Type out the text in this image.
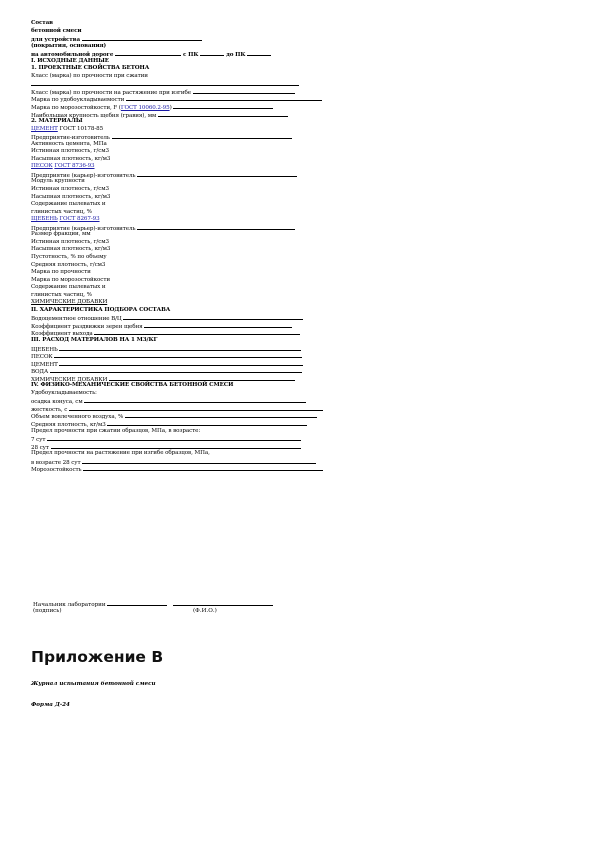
Состав
бетонной смеси
для устройства
(покрытия, основания)
на автомобильной дороге	с ПК	до ПК
I. ИСХОДНЫЕ ДАННЫЕ
1. ПРОЕКТНЫЕ СВОЙСТВА БЕТОНА
Класс (марка) по прочности при сжатии
Класс (марка) по прочности на растяжение при изгибе
Марка по удобоукладываемости
Марка по морозостойкости, F (ГОСТ 10060.2-95)
Наибольшая крупность щебня (гравия), мм
2. МАТЕРИАЛЫ
ЦЕМЕНТ ГОСТ 10178-85
Предприятие-изготовитель
Активность цемента, МПа
Истинная плотность, г/см3
Насыпная плотность, кг/м3
ПЕСОК ГОСТ 8736-93
Предприятие (карьер)-изготовитель
Модуль крупности
Истинная плотность, г/см3
Насыпная плотность, кг/м3
Содержание пылеватых и
глинистых частиц, %
ЩЕБЕНЬ ГОСТ 8267-93
Предприятие (карьер)-изготовитель
Размер фракции, мм
Истинная плотность, г/см3
Насыпная плотность, кг/м3
Пустотность, % по объему
Средняя плотность, г/см3
Марка по прочности
Марка по морозостойкости
Содержание пылеватых и
глинистых частиц, %
ХИМИЧЕСКИЕ ДОБАВКИ
II. ХАРАКТЕРИСТИКА ПОДБОРА СОСТАВА
Водоцементное отношение В/Ц
Коэффициент раздвижки зерен щебня
Коэффициент выхода
III. РАСХОД МАТЕРИАЛОВ НА 1 М3/КГ
ЩЕБЕНЬ
ПЕСОК
ЦЕМЕНТ
ВОДА
ХИМИЧЕСКИЕ ДОБАВКИ
IV. ФИЗИКО-МЕХАНИЧЕСКИЕ СВОЙСТВА БЕТОННОЙ СМЕСИ
Удобоукладываемость:
осадка конуса, см
жесткость, с
Объем вовлеченного воздуха, %
Средняя плотность, кг/м3
Предел прочности при сжатии образцов, МПа, в возрасте:
7 сут
28 сут
Предел прочности на растяжение при изгибе образцов, МПа,
в возрасте 28 сут
Морозостойкость
Начальник лаборатории
(подпись)	(Ф.И.О.)
Приложение В
Журнал испытания бетонной смеси
Форма Д-24
